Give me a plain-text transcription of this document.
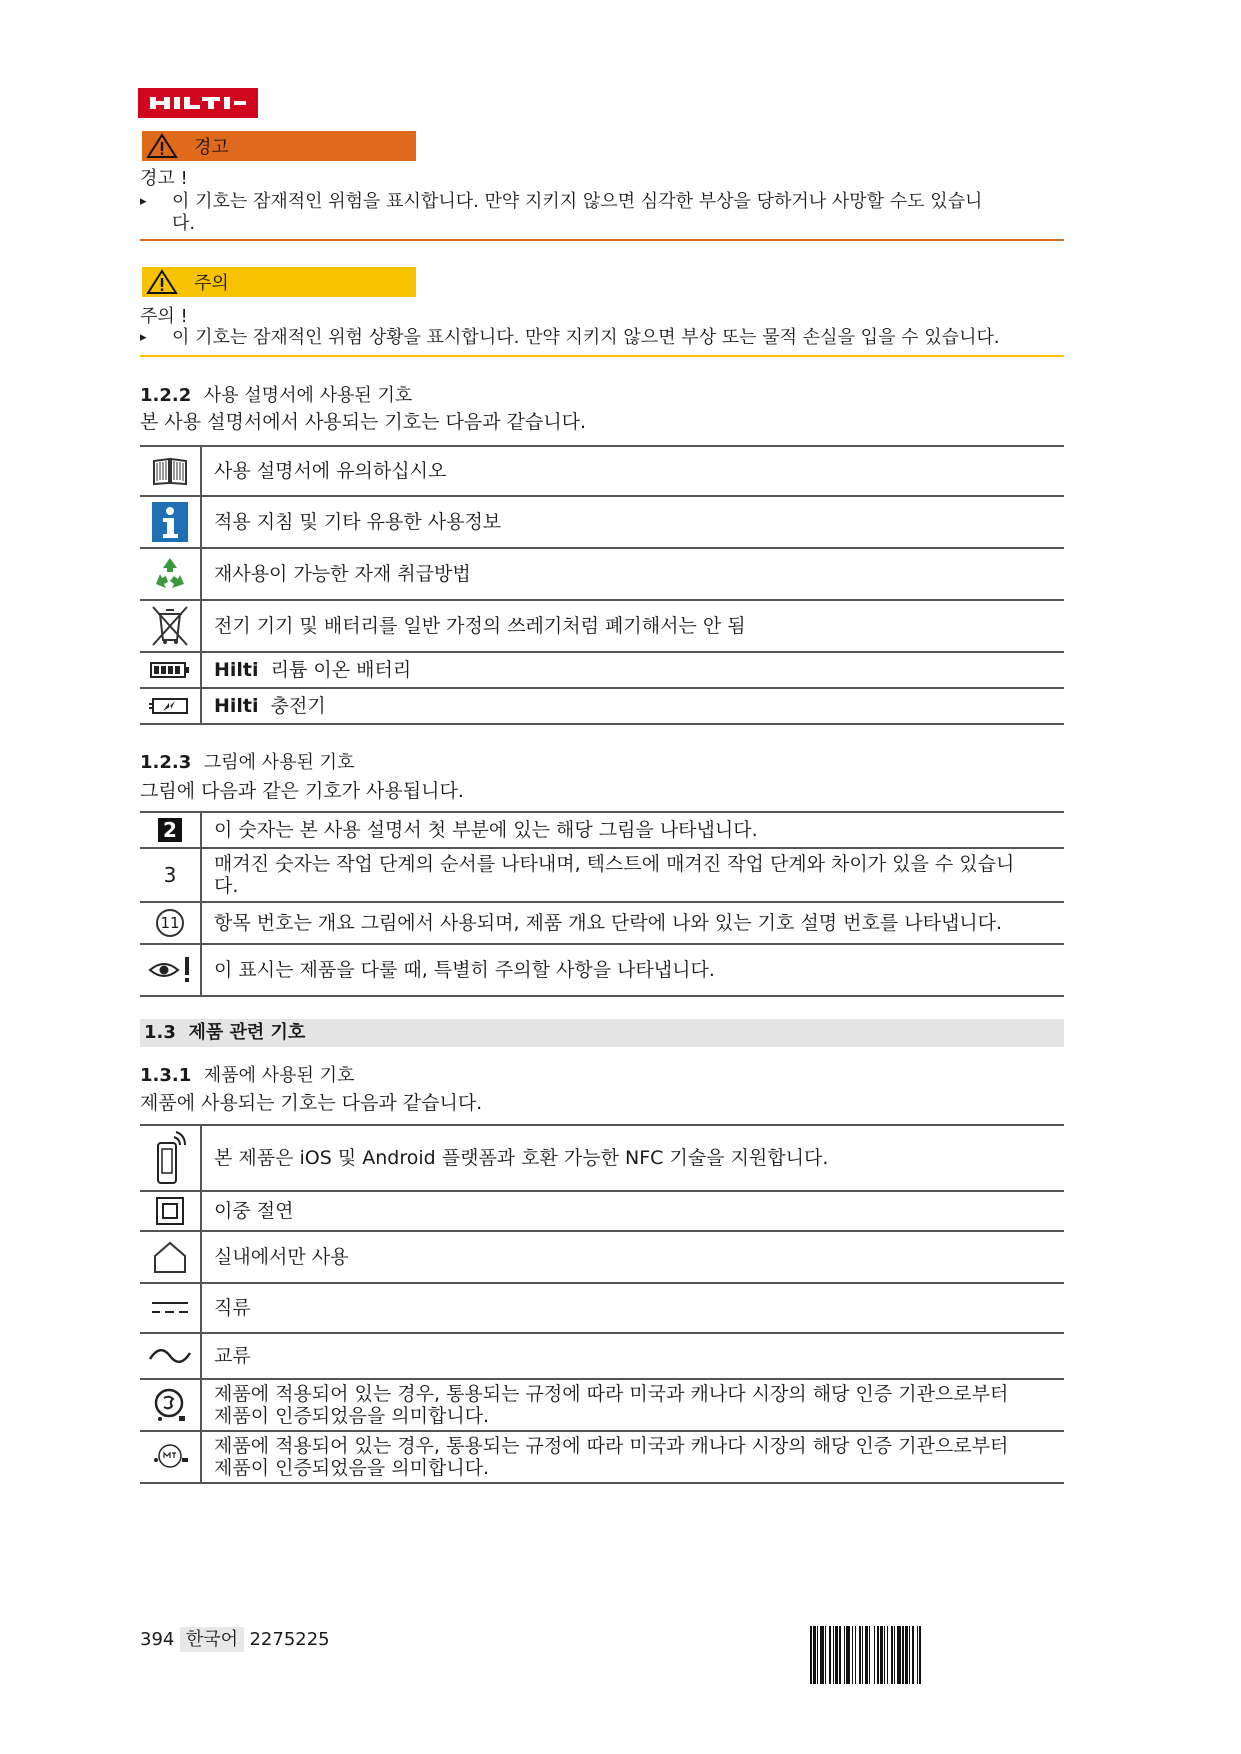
경고
경고 !
▸ 이 기호는 잠재적인 위험을 표시합니다. 만약 지키지 않으면 심각한 부상을 당하거나 사망할 수도 있습니
다.
주의
주의 !
▸ 이 기호는 잠재적인 위험 상황을 표시합니다. 만약 지키지 않으면 부상 또는 물적 손실을 입을 수 있습니다.
1.2.2 사용 설명서에 사용된 기호
본 사용 설명서에서 사용되는 기호는 다음과 같습니다.
	사용 설명서에 유의하십시오

	적용 지침 및 기타 유용한 사용정보

	재사용이 가능한 자재 취급방법

	전기 기기 및 배터리를 일반 가정의 쓰레기처럼 폐기해서는 안 됨

	Hilti 리튬 이온 배터리

	Hilti 충전기
1.2.3 그림에 사용된 기호
그림에 다음과 같은 기호가 사용됩니다.
2	이 숫자는 본 사용 설명서 첫 부분에 있는 해당 그림을 나타냅니다.
3	매겨진 숫자는 작업 단계의 순서를 나타내며, 텍스트에 매겨진 작업 단계와 차이가 있을 수 있습니
다.

11	항목 번호는 개요 그림에서 사용되며, 제품 개요 단락에 나와 있는 기호 설명 번호를 나타냅니다.

	이 표시는 제품을 다룰 때, 특별히 주의할 사항을 나타냅니다.
1.3 제품 관련 기호
1.3.1 제품에 사용된 기호
제품에 사용되는 기호는 다음과 같습니다.
	본 제품은 iOS 및 Android 플랫폼과 호환 가능한 NFC 기술을 지원합니다.

	이중 절연

	실내에서만 사용

	직류

	교류

제품에 적용되어 있는 경우, 통용되는 규정에 따라 미국과 캐나다 시장의 해당 인증 기관으로부터
제품이 인증되었음을 의미합니다.

제품에 적용되어 있는 경우, 통용되는 규정에 따라 미국과 캐나다 시장의 해당 인증 기관으로부터
제품이 인증되었음을 의미합니다.
394 한국어 2275225
